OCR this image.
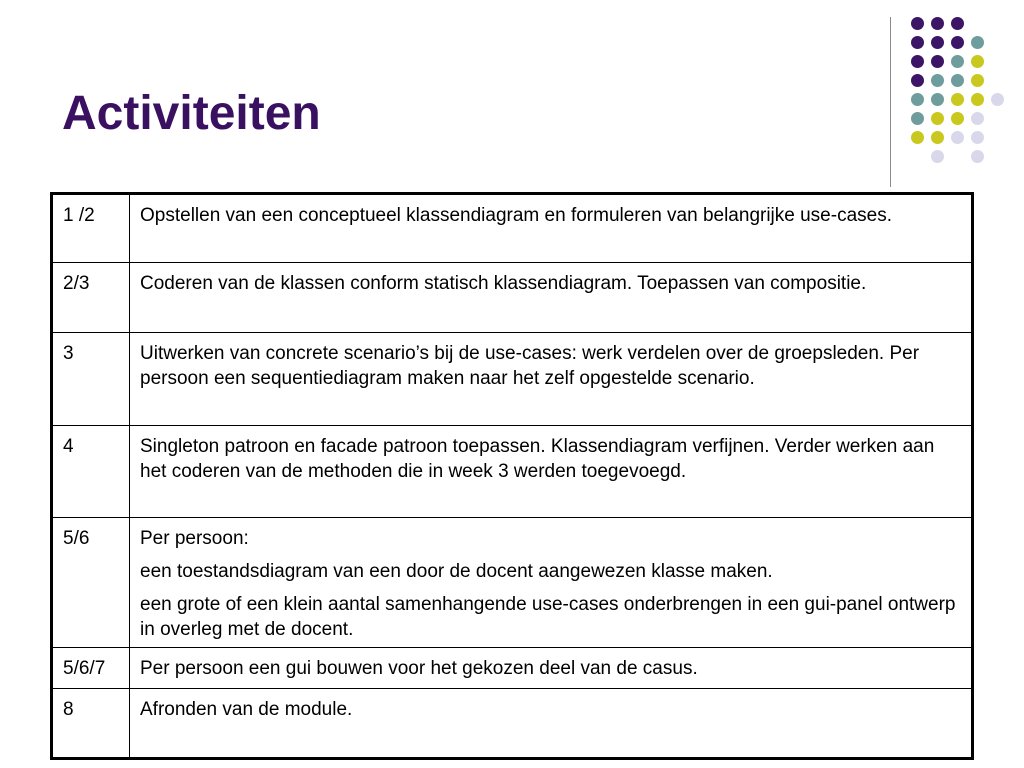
Activiteiten
1 /2	Opstellen van een conceptueel klassendiagram en formuleren van belangrijke use-cases.

2/3	Coderen van de klassen conform statisch klassendiagram. Toepassen van compositie.

3	Uitwerken van concrete scenario’s bij de use-cases: werk verdelen over de groepsleden. Per persoon een sequentiediagram maken naar het zelf opgestelde scenario.

4	Singleton patroon en facade patroon toepassen. Klassendiagram verfijnen. Verder werken aan het coderen van de methoden die in week 3 werden toegevoegd.

5/6	Per persoon:

een toestandsdiagram van een door de docent aangewezen klasse maken.

een grote of een klein aantal samenhangende use-cases onderbrengen in een gui-panel ontwerp in overleg met de docent.

5/6/7	Per persoon een gui bouwen voor het gekozen deel van de casus.

8	Afronden van de module.
